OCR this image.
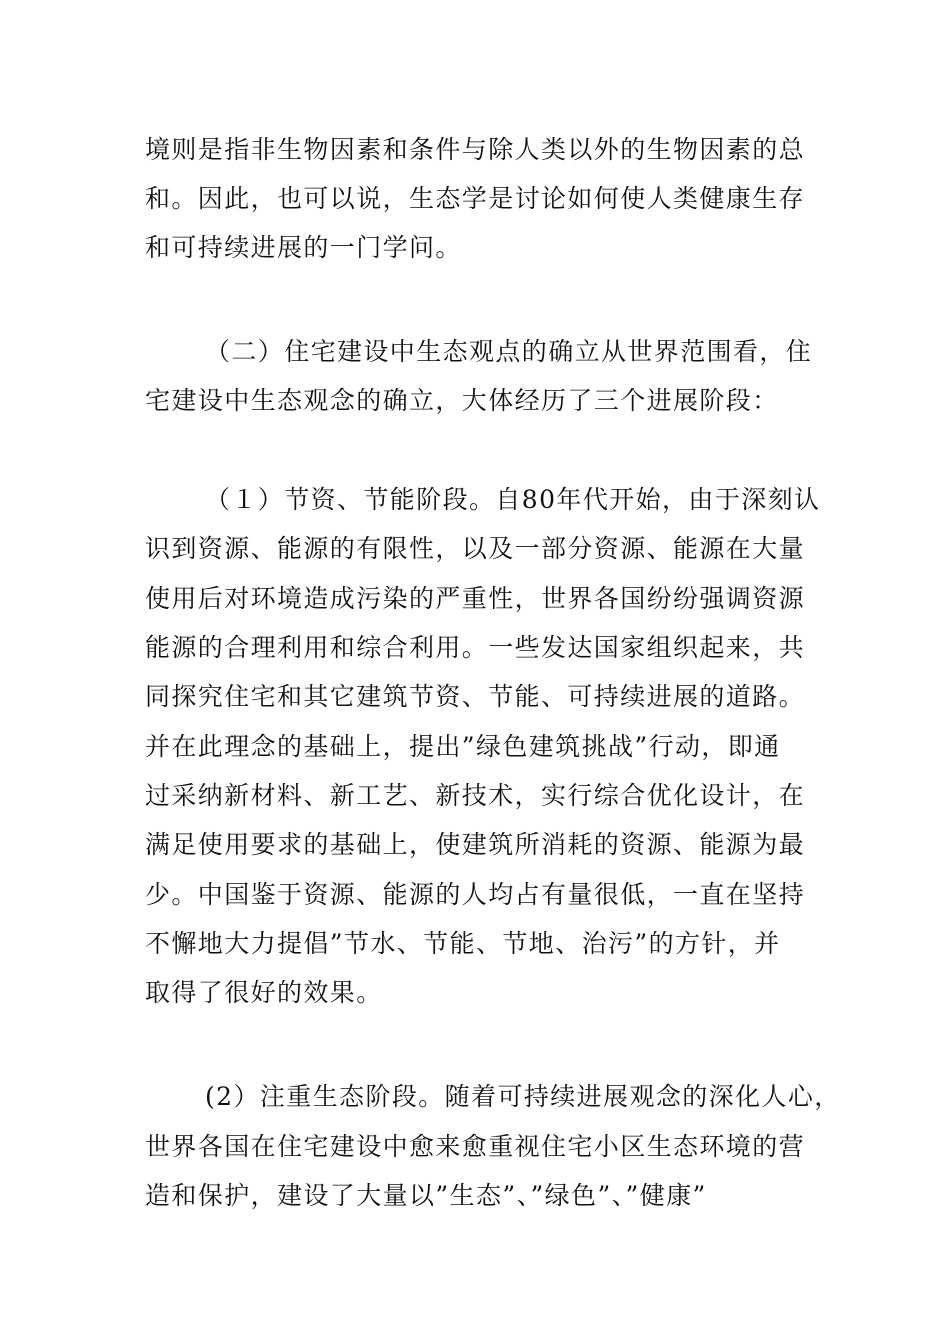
境则是指非生物因素和条件与除人类以外的生物因素的总
和。因此，也可以说，生态学是讨论如何使人类健康生存
和可持续进展的一门学问。
（二）住宅建设中生态观点的确立从世界范围看，住
宅建设中生态观念的确立，大体经历了三个进展阶段：
（１）节资、节能阶段。自80年代开始，由于深刻认
识到资源、能源的有限性，以及一部分资源、能源在大量
使用后对环境造成污染的严重性，世界各国纷纷强调资源
能源的合理利用和综合利用。一些发达国家组织起来，共
同探究住宅和其它建筑节资、节能、可持续进展的道路。
并在此理念的基础上，提出”绿色建筑挑战”行动，即通
过采纳新材料、新工艺、新技术，实行综合优化设计，在
满足使用要求的基础上，使建筑所消耗的资源、能源为最
少。中国鉴于资源、能源的人均占有量很低，一直在坚持
不懈地大力提倡”节水、节能、节地、治污”的方针，并
取得了很好的效果。
(2）注重生态阶段。随着可持续进展观念的深化人心，
世界各国在住宅建设中愈来愈重视住宅小区生态环境的营
造和保护，建设了大量以”生态”、”绿色”、”健康”
